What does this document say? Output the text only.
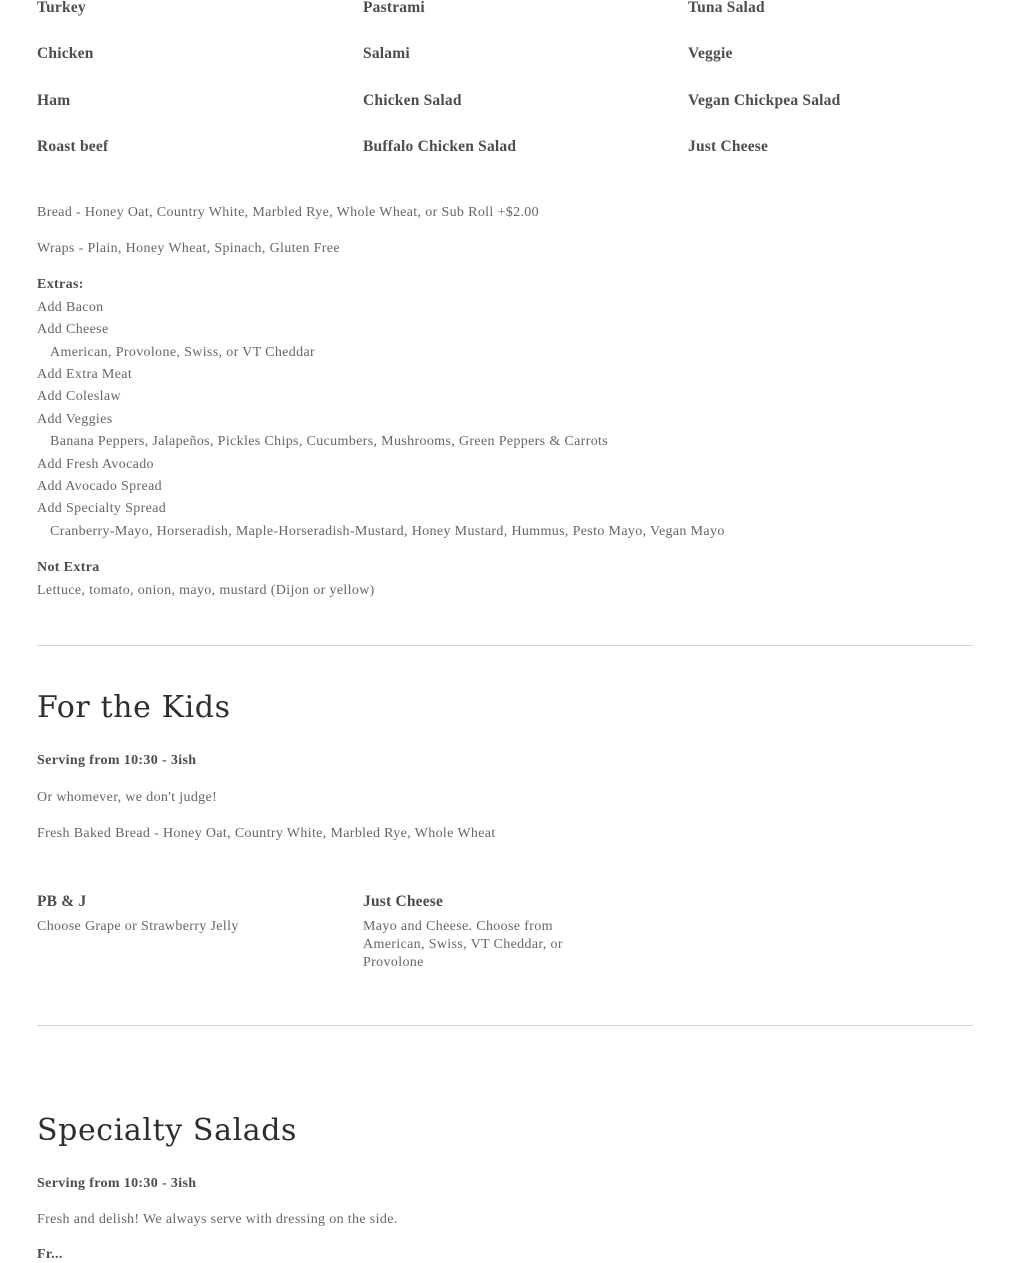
Turkey	Pastrami	Tuna Salad
Chicken	Salami	Veggie
Ham	Chicken Salad	Vegan Chickpea Salad
Roast beef	Buffalo Chicken Salad	Just Cheese
Bread - Honey Oat, Country White, Marbled Rye, Whole Wheat, or Sub Roll +$2.00
Wraps - Plain, Honey Wheat, Spinach, Gluten Free
Extras:
Add Bacon
Add Cheese
American, Provolone, Swiss, or VT Cheddar
Add Extra Meat
Add Coleslaw
Add Veggies
Banana Peppers, Jalapeños, Pickles Chips, Cucumbers, Mushrooms, Green Peppers & Carrots
Add Fresh Avocado
Add Avocado Spread
Add Specialty Spread
Cranberry-Mayo, Horseradish, Maple-Horseradish-Mustard, Honey Mustard, Hummus, Pesto Mayo, Vegan Mayo
Not Extra
Lettuce, tomato, onion, mayo, mustard (Dijon or yellow)
For the Kids
Serving from 10:30 - 3ish
Or whomever, we don't judge!
Fresh Baked Bread - Honey Oat, Country White, Marbled Rye, Whole Wheat
PB & J
Choose Grape or Strawberry Jelly
Just Cheese
Mayo and Cheese. Choose from American, Swiss, VT Cheddar, or Provolone
Specialty Salads
Serving from 10:30 - 3ish
Fresh and delish! We always serve with dressing on the side.
Fr...
